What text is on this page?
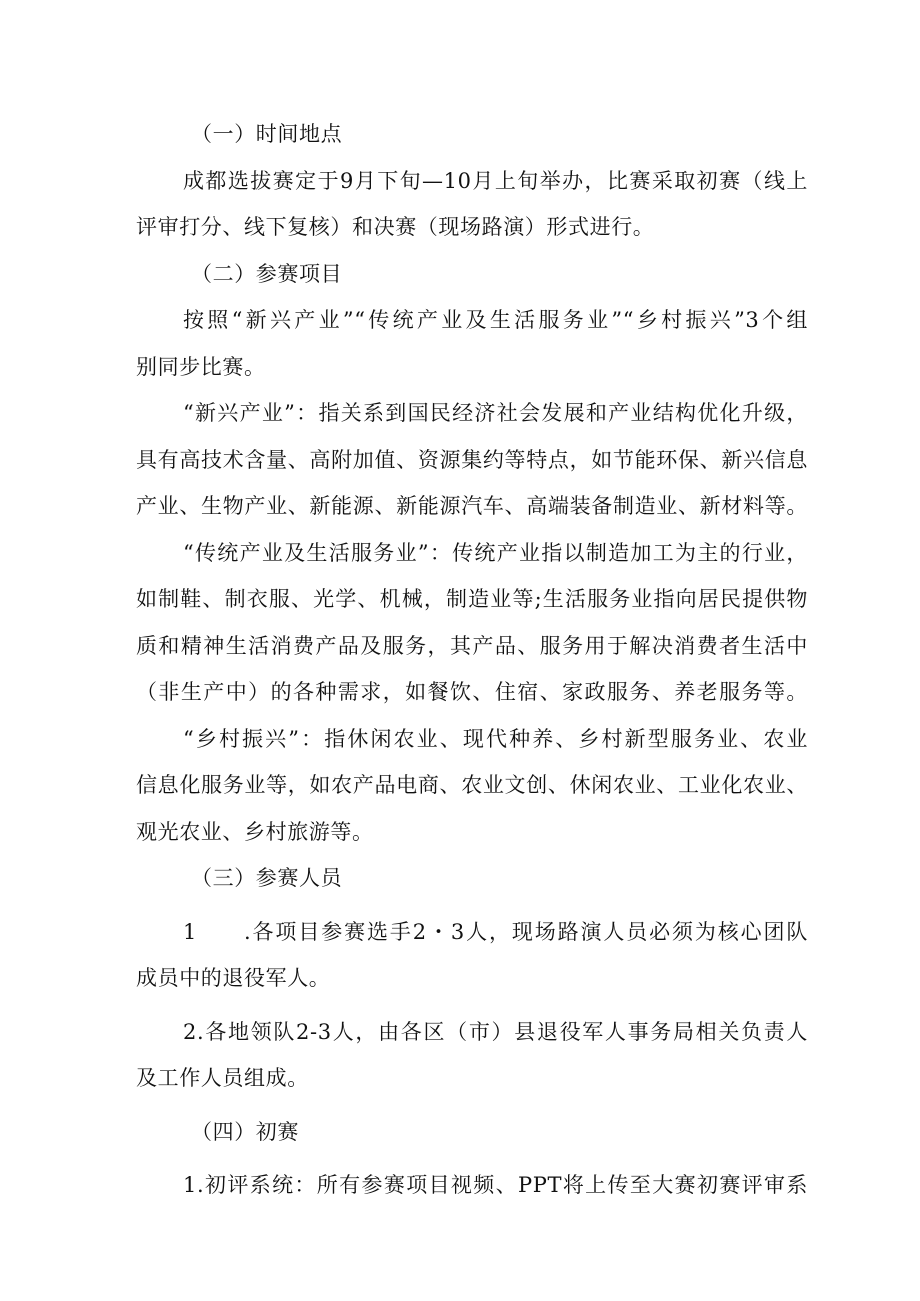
（一）时间地点
成都选拔赛定于9月下旬—10月上旬举办，比赛采取初赛（线上
评审打分、线下复核）和决赛（现场路演）形式进行。
（二）参赛项目
按照“新兴产业”“传统产业及生活服务业”“乡村振兴”3个组
别同步比赛。
“新兴产业”：指关系到国民经济社会发展和产业结构优化升级，
具有高技术含量、高附加值、资源集约等特点，如节能环保、新兴信息
产业、生物产业、新能源、新能源汽车、高端装备制造业、新材料等。
“传统产业及生活服务业”：传统产业指以制造加工为主的行业，
如制鞋、制衣服、光学、机械，制造业等;生活服务业指向居民提供物
质和精神生活消费产品及服务，其产品、服务用于解决消费者生活中
（非生产中）的各种需求，如餐饮、住宿、家政服务、养老服务等。
“乡村振兴”：指休闲农业、现代种养、乡村新型服务业、农业
信息化服务业等，如农产品电商、农业文创、休闲农业、工业化农业、
观光农业、乡村旅游等。
（三）参赛人员
1　　.各项目参赛选手2・3人，现场路演人员必须为核心团队
成员中的退役军人。
2.各地领队2-3人，由各区（市）县退役军人事务局相关负责人
及工作人员组成。
（四）初赛
1.初评系统：所有参赛项目视频、PPT将上传至大赛初赛评审系
